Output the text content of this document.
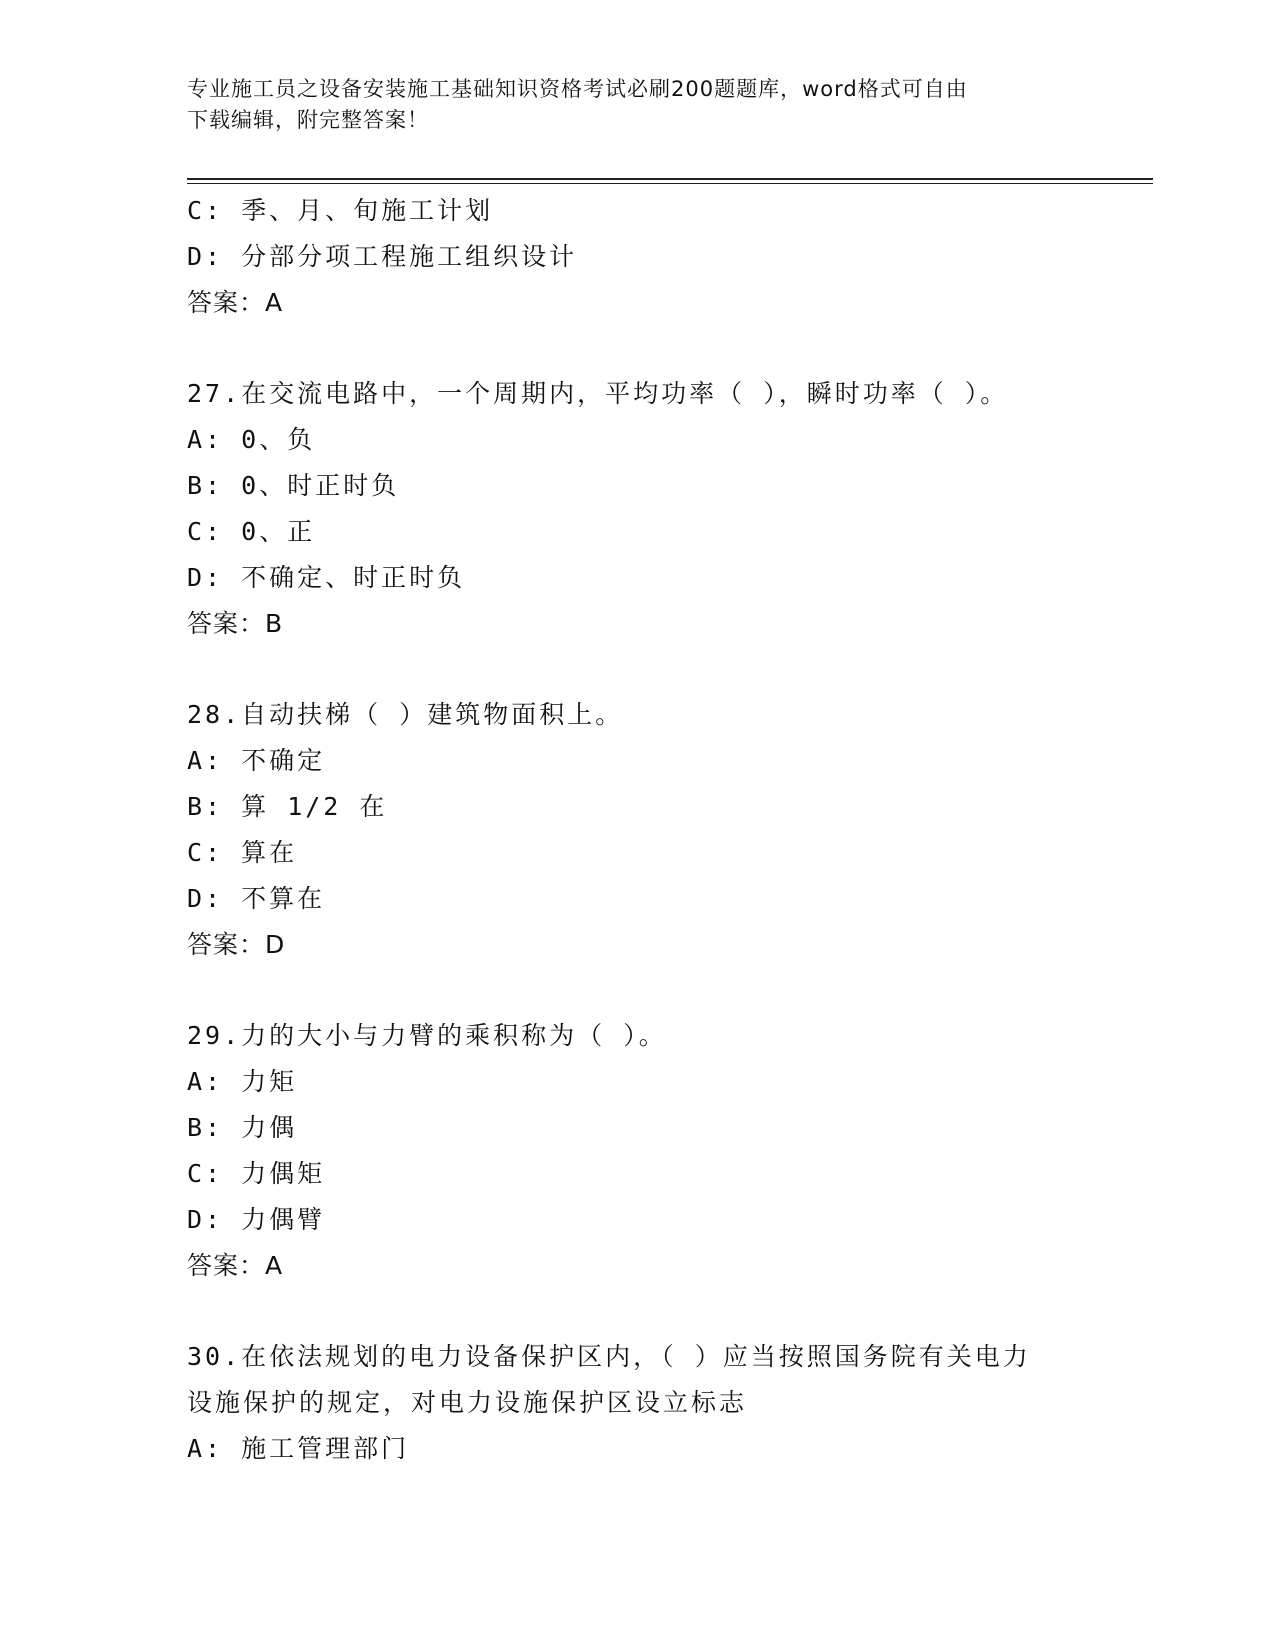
专业施工员之设备安装施工基础知识资格考试必刷200题题库，word格式可自由
下载编辑，附完整答案！
C: 季、月、旬施工计划
D: 分部分项工程施工组织设计
答案：A
27.在交流电路中，一个周期内，平均功率（ ），瞬时功率（ ）。
A: 0、负
B: 0、时正时负
C: 0、正
D: 不确定、时正时负
答案：B
28.自动扶梯（ ）建筑物面积上。
A: 不确定
B: 算 1/2 在
C: 算在
D: 不算在
答案：D
29.力的大小与力臂的乘积称为（ ）。
A: 力矩
B: 力偶
C: 力偶矩
D: 力偶臂
答案：A
30.在依法规划的电力设备保护区内，（ ）应当按照国务院有关电力
设施保护的规定，对电力设施保护区设立标志
A: 施工管理部门
